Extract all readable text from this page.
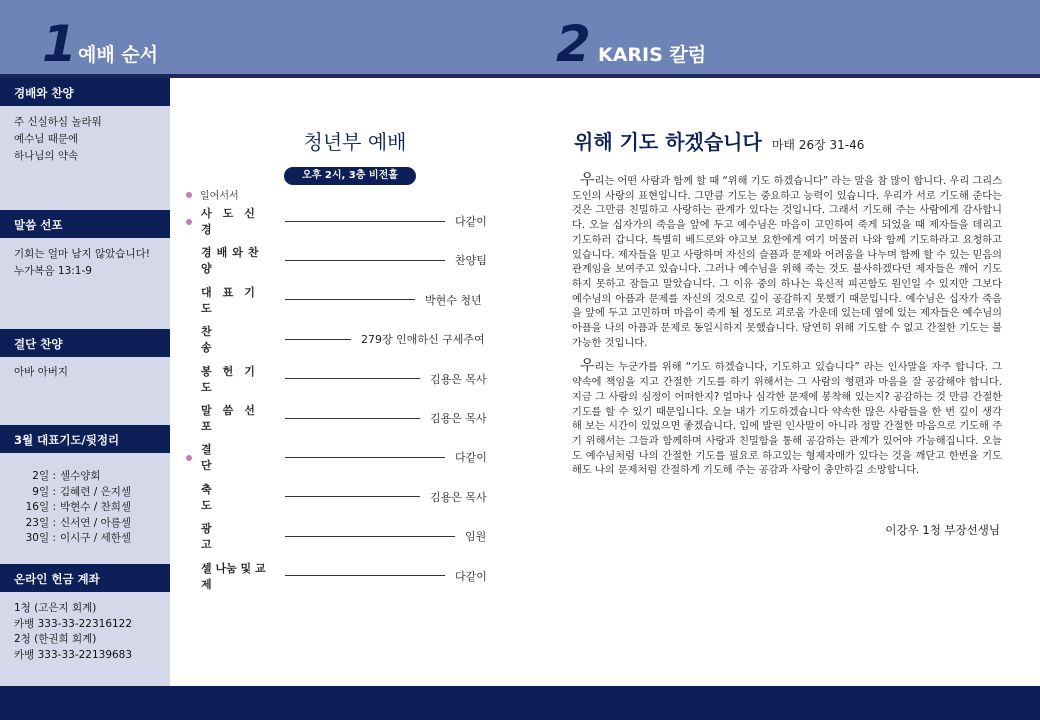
1 예배 순서	2 KARIS 칼럼
경배와 찬양
주 신실하심 놀라워
예수님 때문에
하나님의 약속
말씀 선포
기회는 얼마 남지 않았습니다!
누가복음 13:1-9
결단 찬양
아바 아버지
3월 대표기도/뒷정리
2일 : 셀수양회
9일 : 김혜련 / 은지셀
16일 : 박현수 / 찬희셀
23일 : 신서연 / 아름셀
30일 : 이시구 / 세한셀
온라인 헌금 계좌
1청 (고은지 회계)
카뱅 333-33-22316122
2청 (한권희 회계)
카뱅 333-33-22139683
청년부 예배
오후 2시, 3층 비전홀
일어서서
사도신경
다같이
경배와찬양
찬양팀
대표기도
박현수 청년
찬송
279장 인애하신 구세주여
봉헌기도
김용은 목사
말씀선포
김용은 목사
결단
다같이
축도
김용은 목사
광고
임원
셀 나눔 및 교제
다같이
위해 기도 하겠습니다 마태 26장 31-46

우리는 어떤 사람과 함께 할 때 “위해 기도 하겠습니다” 라는 말을 참 많이 합니다. 우리 그리스도인의 사랑의 표현입니다. 그만큼 기도는 중요하고 능력이 있습니다. 우리가 서로 기도해 준다는 것은 그만큼 친밀하고 사랑하는 관계가 있다는 것입니다. 그래서 기도해 주는 사람에게 감사합니다. 오늘 십자가의 죽음을 앞에 두고 예수님은 마음이 고민하여 죽게 되었을 때 제자들을 데리고 기도하러 갑니다. 특별히 베드로와 야고보 요한에게 여기 머물러 나와 함께 기도하라고 요청하고 있습니다. 제자들을 믿고 사랑하며 자신의 슬픔과 문제와 어려움을 나누며 함께 할 수 있는 믿음의 관계임을 보여주고 있습니다. 그러나 예수님을 위해 죽는 것도 불사하겠다던 제자들은 깨어 기도하지 못하고 잠들고 말았습니다. 그 이유 중의 하나는 육신적 피곤함도 원인일 수 있지만 그보다 예수님의 아픔과 문제를 자신의 것으로 깊이 공감하지 못했기 때문입니다. 예수님은 십자가 죽음을 앞에 두고 고민하며 마음이 죽게 될 정도로 괴로움 가운데 있는데 옆에 있는 제자들은 예수님의 아픔을 나의 아픔과 문제로 동일시하지 못했습니다. 당연히 위해 기도할 수 없고 간절한 기도는 불가능한 것입니다.

우리는 누군가를 위해 “기도 하겠습니다, 기도하고 있습니다” 라는 인사말을 자주 합니다. 그 약속에 책임을 지고 간절한 기도를 하기 위해서는 그 사람의 형편과 마음을 잘 공감해야 합니다. 지금 그 사람의 심정이 어떠한지? 얼마나 심각한 문제에 봉착해 있는지? 공감하는 것 만큼 간절한 기도를 할 수 있기 때문입니다. 오늘 내가 기도하겠습니다 약속한 많은 사람들을 한 번 깊이 생각해 보는 시간이 있었으면 좋겠습니다. 입에 발린 인사말이 아니라 정말 간절한 마음으로 기도해 주기 위해서는 그들과 함께하며 사랑과 친밀함을 통해 공감하는 관계가 있어야 가능해집니다. 오늘도 예수님처럼 나의 간절한 기도를 필요로 하고있는 형제자매가 있다는 것을 깨닫고 한번을 기도해도 나의 문제처럼 간절하게 기도해 주는 공감과 사랑이 충만하길 소망합니다.

이강우 1청 부장선생님
